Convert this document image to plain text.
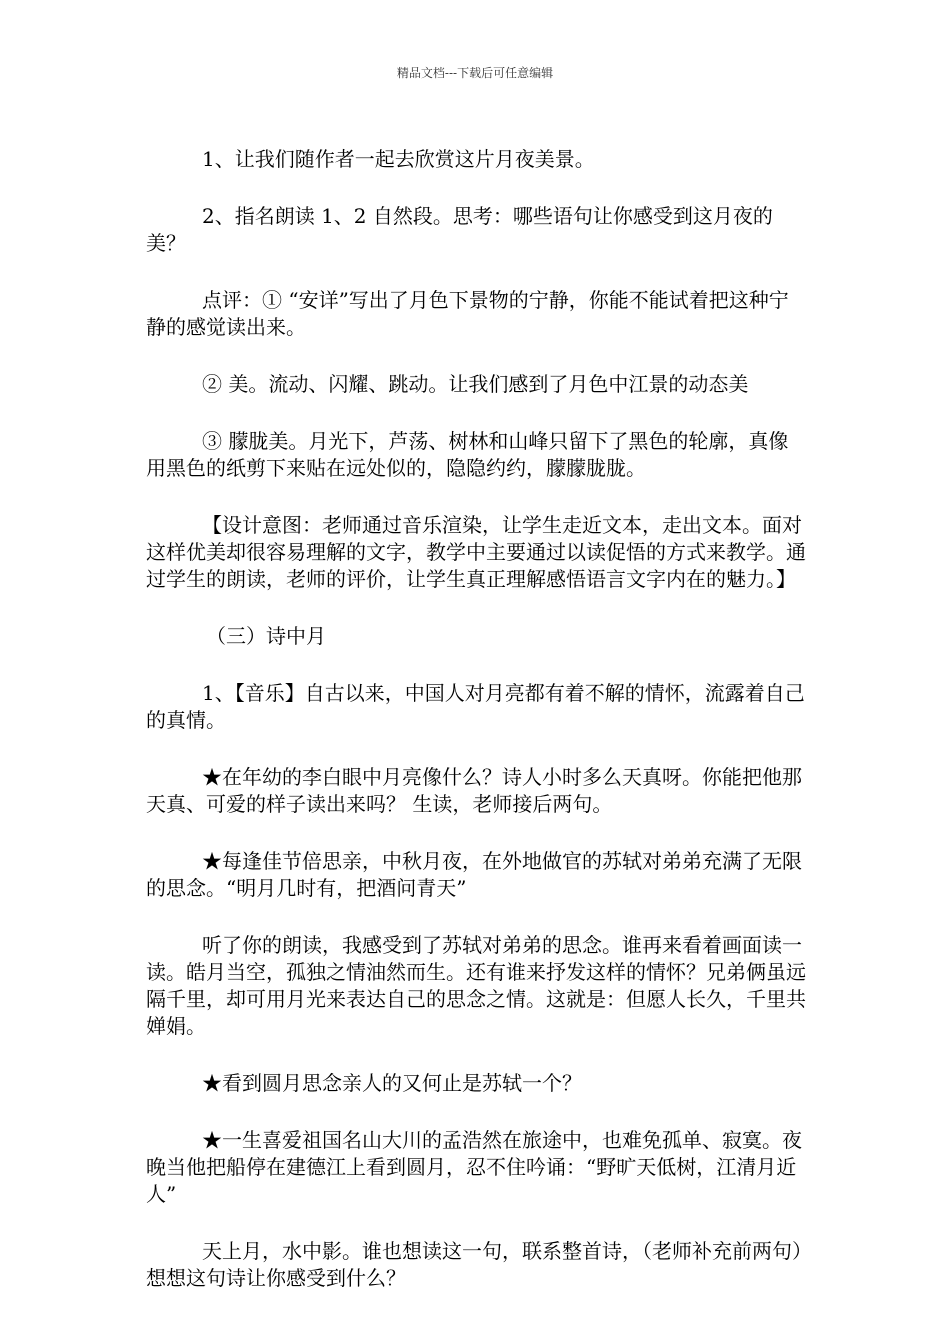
精品文档---下载后可任意编辑

1、让我们随作者一起去欣赏这片月夜美景。

2、指名朗读 1、2 自然段。思考：哪些语句让你感受到这月夜的美？

点评：① “安详”写出了月色下景物的宁静，你能不能试着把这种宁静的感觉读出来。

② 美。流动、闪耀、跳动。让我们感到了月色中江景的动态美

③ 朦胧美。月光下，芦荡、树林和山峰只留下了黑色的轮廓，真像用黑色的纸剪下来贴在远处似的，隐隐约约，朦朦胧胧。

【设计意图：老师通过音乐渲染，让学生走近文本，走出文本。面对这样优美却很容易理解的文字，教学中主要通过以读促悟的方式来教学。通过学生的朗读，老师的评价，让学生真正理解感悟语言文字内在的魅力。】

（三）诗中月

1、【音乐】自古以来，中国人对月亮都有着不解的情怀，流露着自己的真情。

★在年幼的李白眼中月亮像什么？诗人小时多么天真呀。你能把他那天真、可爱的样子读出来吗？ 生读，老师接后两句。

★每逢佳节倍思亲，中秋月夜，在外地做官的苏轼对弟弟充满了无限的思念。“明月几时有，把酒问青天”

听了你的朗读，我感受到了苏轼对弟弟的思念。谁再来看着画面读一读。皓月当空，孤独之情油然而生。还有谁来抒发这样的情怀？兄弟俩虽远隔千里，却可用月光来表达自己的思念之情。这就是：但愿人长久，千里共婵娟。

★看到圆月思念亲人的又何止是苏轼一个？

★一生喜爱祖国名山大川的孟浩然在旅途中，也难免孤单、寂寞。夜晚当他把船停在建德江上看到圆月，忍不住吟诵：“野旷天低树，江清月近人”

天上月，水中影。谁也想读这一句，联系整首诗，（老师补充前两句）想想这句诗让你感受到什么？
